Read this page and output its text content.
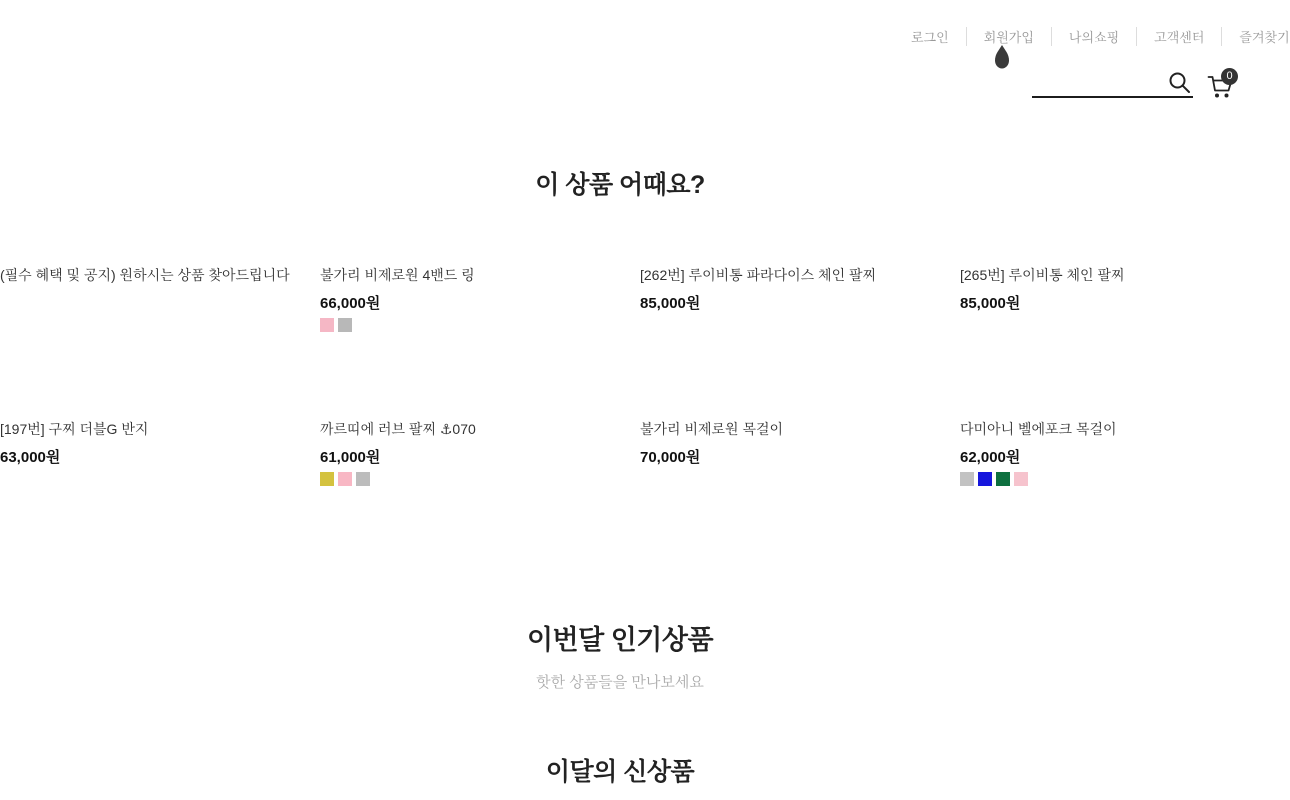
로그인	회원가입	나의쇼핑	고객센터	즐겨찾기
0
이 상품 어때요?
(필수 혜택 및 공지) 원하시는 상품 찾아드립니다 불가리 비제로원 4밴드 링
66,000원
[262번] 루이비통 파라다이스 체인 팔찌
85,000원
[265번] 루이비통 체인 팔찌
85,000원
[197번] 구찌 더블G 반지
63,000원
까르띠에 러브 팔찌 ⚓070
61,000원
불가리 비제로원 목걸이
70,000원
다미아니 벨에포크 목걸이
62,000원
이번달 인기상품

핫한 상품들을 만나보세요

이달의 신상품
